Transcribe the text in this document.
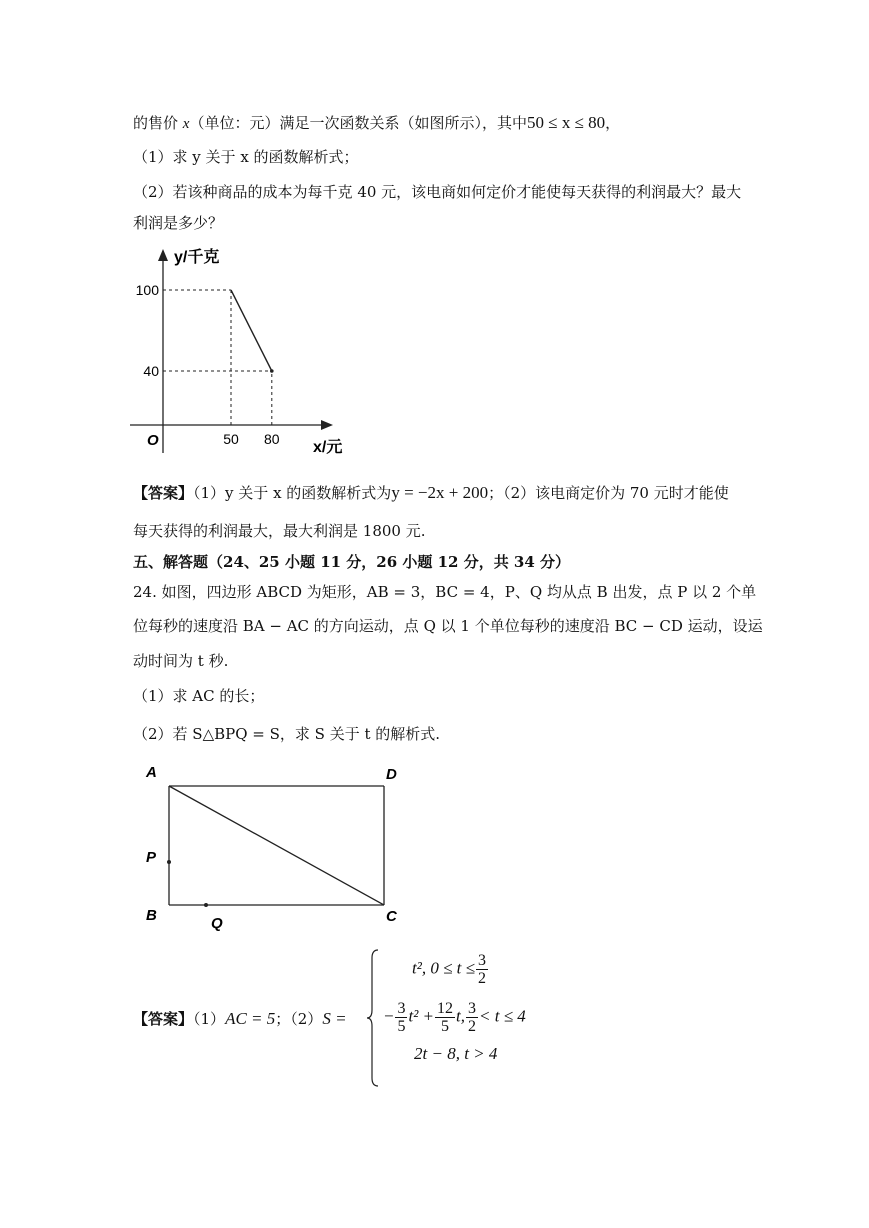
的售价 x（单位：元）满足一次函数关系（如图所示），其中50 ≤ x ≤ 80，
（1）求 y 关于 x 的函数解析式；
（2）若该种商品的成本为每千克 40 元，该电商如何定价才能使每天获得的利润最大？最大
利润是多少？
50 80
100
40
O
y/千克
x/元
【答案】（1）y 关于 x 的函数解析式为y = −2x + 200；（2）该电商定价为 70 元时才能使
每天获得的利润最大，最大利润是 1800 元.
五、解答题（24、25 小题 11 分，26 小题 12 分，共 34 分）
24. 如图，四边形 ABCD 为矩形，AB = 3，BC = 4，P、Q 均从点 B 出发，点 P 以 2 个单
位每秒的速度沿 BA − AC 的方向运动，点 Q 以 1 个单位每秒的速度沿 BC − CD 运动，设运
动时间为 t 秒.
（1）求 AC 的长；
（2）若 S△BPQ = S，求 S 关于 t 的解析式.
A	D
P
B	Q	C
【答案】（1）AC = 5；（2）S =
t², $0 \le t \le \frac{3}{2}$
− $\frac{3}{5} t^2 + \frac{12}{5} t$, $\frac{3}{2} < t \le 4$
2t − 8, t > 4
